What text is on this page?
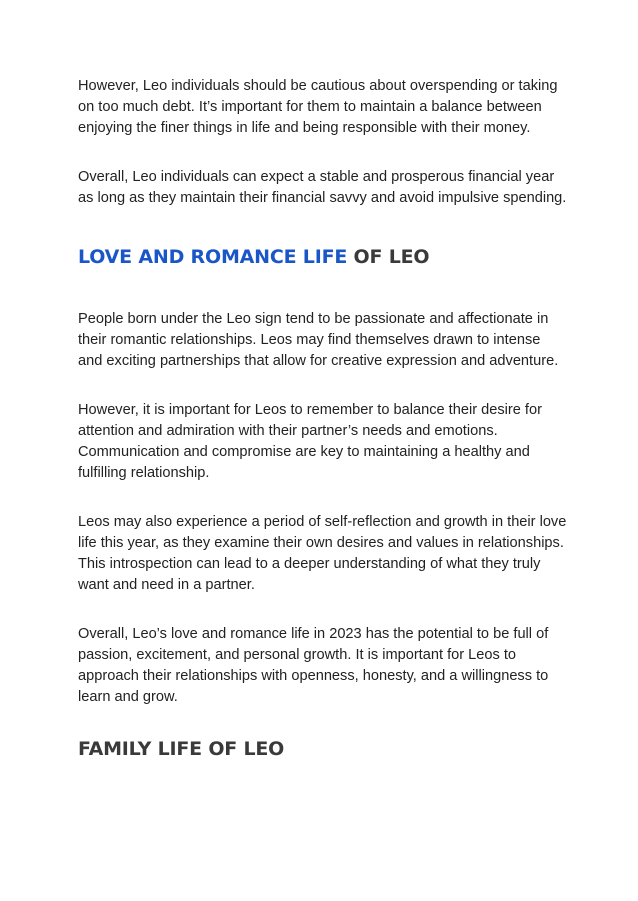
However, Leo individuals should be cautious about overspending or taking on too much debt. It’s important for them to maintain a balance between enjoying the finer things in life and being responsible with their money.

Overall, Leo individuals can expect a stable and prosperous financial year as long as they maintain their financial savvy and avoid impulsive spending.

LOVE AND ROMANCE LIFE OF LEO

People born under the Leo sign tend to be passionate and affectionate in their romantic relationships. Leos may find themselves drawn to intense and exciting partnerships that allow for creative expression and adventure.

However, it is important for Leos to remember to balance their desire for attention and admiration with their partner’s needs and emotions. Communication and compromise are key to maintaining a healthy and fulfilling relationship.

Leos may also experience a period of self-reflection and growth in their love life this year, as they examine their own desires and values in relationships. This introspection can lead to a deeper understanding of what they truly want and need in a partner.

Overall, Leo’s love and romance life in 2023 has the potential to be full of passion, excitement, and personal growth. It is important for Leos to approach their relationships with openness, honesty, and a willingness to learn and grow.

FAMILY LIFE OF LEO
